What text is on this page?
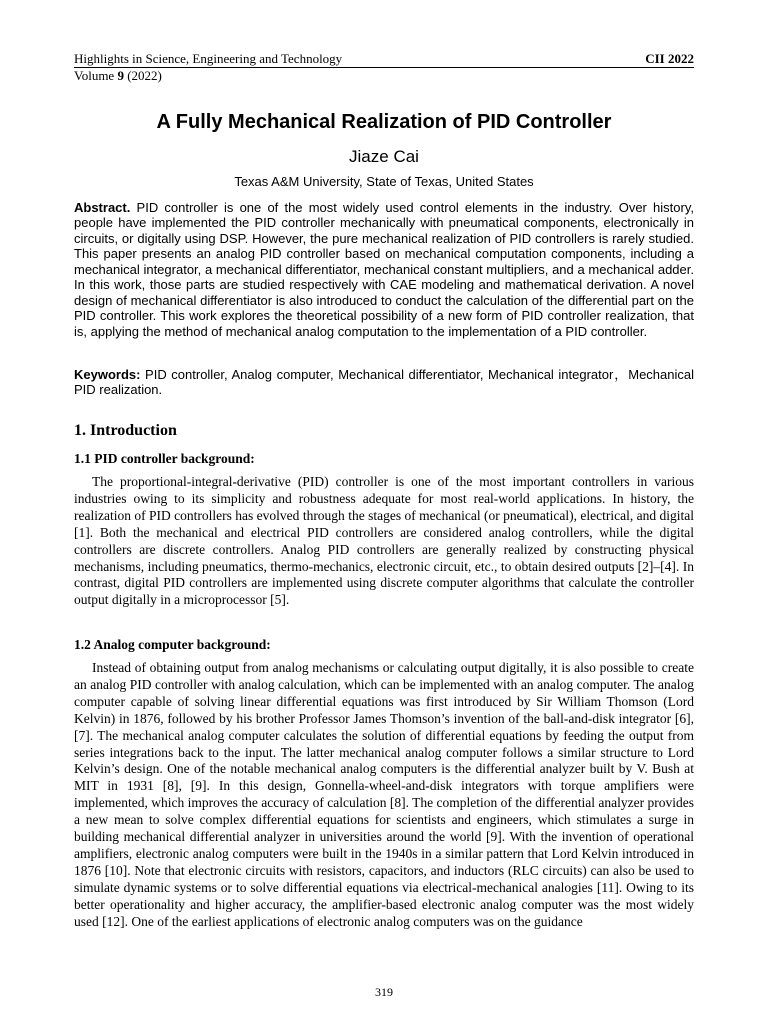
Highlights in Science, Engineering and Technology	CII 2022
Volume 9 (2022)
A Fully Mechanical Realization of PID Controller
Jiaze Cai
Texas A&M University, State of Texas, United States
Abstract. PID controller is one of the most widely used control elements in the industry. Over history, people have implemented the PID controller mechanically with pneumatical components, electronically in circuits, or digitally using DSP. However, the pure mechanical realization of PID controllers is rarely studied. This paper presents an analog PID controller based on mechanical computation components, including a mechanical integrator, a mechanical differentiator, mechanical constant multipliers, and a mechanical adder. In this work, those parts are studied respectively with CAE modeling and mathematical derivation. A novel design of mechanical differentiator is also introduced to conduct the calculation of the differential part on the PID controller. This work explores the theoretical possibility of a new form of PID controller realization, that is, applying the method of mechanical analog computation to the implementation of a PID controller.
Keywords: PID controller, Analog computer, Mechanical differentiator, Mechanical integrator，Mechanical PID realization.
1. Introduction
1.1 PID controller background:

The proportional-integral-derivative (PID) controller is one of the most important controllers in various industries owing to its simplicity and robustness adequate for most real-world applications. In history, the realization of PID controllers has evolved through the stages of mechanical (or pneumatical), electrical, and digital [1]. Both the mechanical and electrical PID controllers are considered analog controllers, while the digital controllers are discrete controllers. Analog PID controllers are generally realized by constructing physical mechanisms, including pneumatics, thermo-mechanics, electronic circuit, etc., to obtain desired outputs [2]–[4]. In contrast, digital PID controllers are implemented using discrete computer algorithms that calculate the controller output digitally in a microprocessor [5].

1.2 Analog computer background:

Instead of obtaining output from analog mechanisms or calculating output digitally, it is also possible to create an analog PID controller with analog calculation, which can be implemented with an analog computer. The analog computer capable of solving linear differential equations was first introduced by Sir William Thomson (Lord Kelvin) in 1876, followed by his brother Professor James Thomson’s invention of the ball-and-disk integrator [6], [7]. The mechanical analog computer calculates the solution of differential equations by feeding the output from series integrations back to the input. The latter mechanical analog computer follows a similar structure to Lord Kelvin’s design. One of the notable mechanical analog computers is the differential analyzer built by V. Bush at MIT in 1931 [8], [9]. In this design, Gonnella-wheel-and-disk integrators with torque amplifiers were implemented, which improves the accuracy of calculation [8]. The completion of the differential analyzer provides a new mean to solve complex differential equations for scientists and engineers, which stimulates a surge in building mechanical differential analyzer in universities around the world [9]. With the invention of operational amplifiers, electronic analog computers were built in the 1940s in a similar pattern that Lord Kelvin introduced in 1876 [10]. Note that electronic circuits with resistors, capacitors, and inductors (RLC circuits) can also be used to simulate dynamic systems or to solve differential equations via electrical-mechanical analogies [11]. Owing to its better operationality and higher accuracy, the amplifier-based electronic analog computer was the most widely used [12]. One of the earliest applications of electronic analog computers was on the guidance

319
